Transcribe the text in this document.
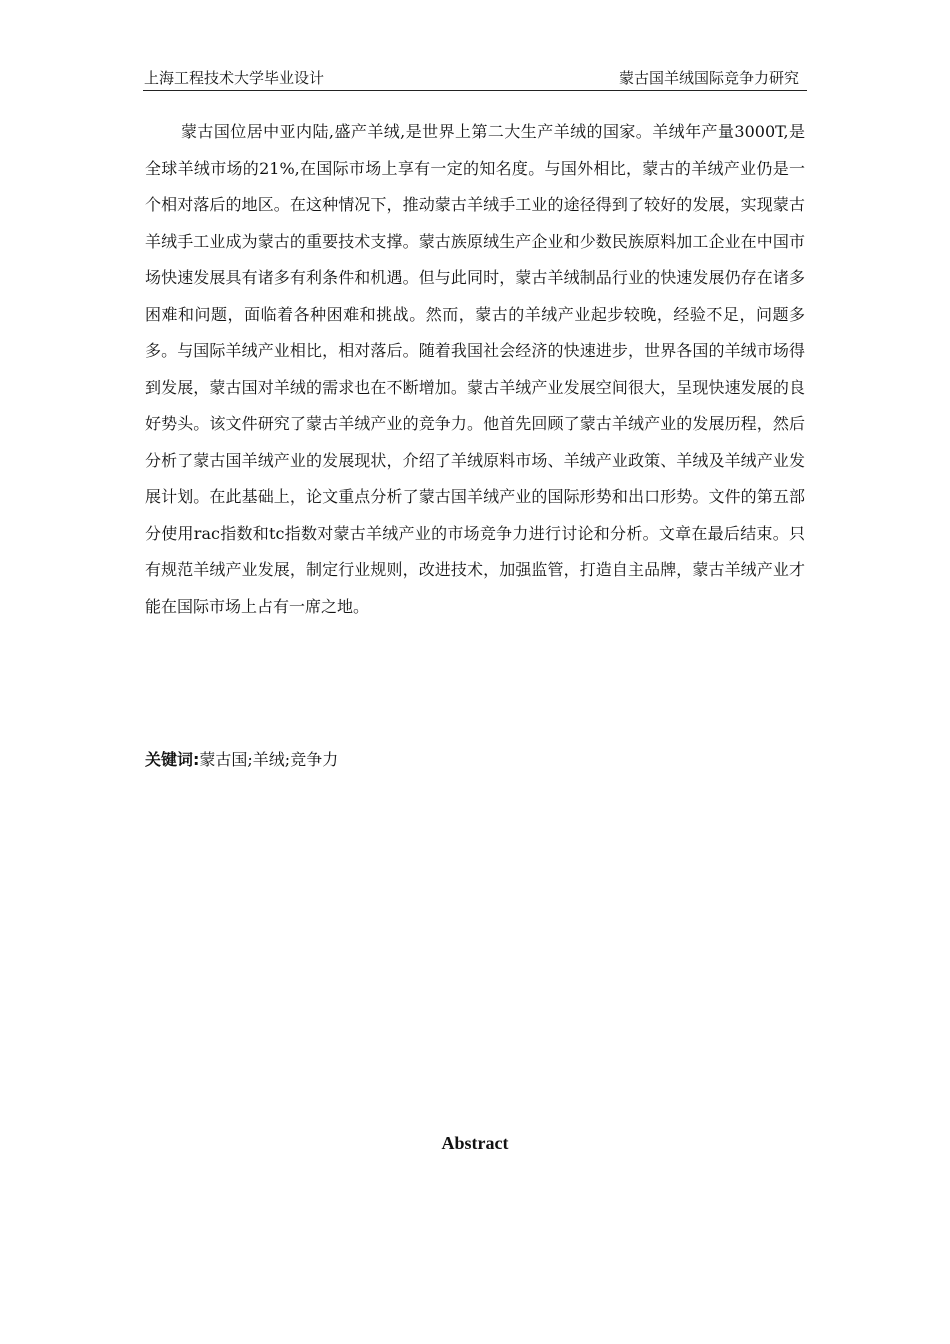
上海工程技术大学毕业设计	蒙古国羊绒国际竞争力研究

蒙古国位居中亚内陆,盛产羊绒,是世界上第二大生产羊绒的国家。羊绒年产量3000T,是全球羊绒市场的21%,在国际市场上享有一定的知名度。与国外相比，蒙古的羊绒产业仍是一个相对落后的地区。在这种情况下，推动蒙古羊绒手工业的途径得到了较好的发展，实现蒙古羊绒手工业成为蒙古的重要技术支撑。蒙古族原绒生产企业和少数民族原料加工企业在中国市场快速发展具有诸多有利条件和机遇。但与此同时，蒙古羊绒制品行业的快速发展仍存在诸多困难和问题，面临着各种困难和挑战。然而，蒙古的羊绒产业起步较晚，经验不足，问题多多。与国际羊绒产业相比，相对落后。随着我国社会经济的快速进步，世界各国的羊绒市场得到发展，蒙古国对羊绒的需求也在不断增加。蒙古羊绒产业发展空间很大，呈现快速发展的良好势头。该文件研究了蒙古羊绒产业的竞争力。他首先回顾了蒙古羊绒产业的发展历程，然后分析了蒙古国羊绒产业的发展现状，介绍了羊绒原料市场、羊绒产业政策、羊绒及羊绒产业发展计划。在此基础上，论文重点分析了蒙古国羊绒产业的国际形势和出口形势。文件的第五部分使用rac指数和tc指数对蒙古羊绒产业的市场竞争力进行讨论和分析。文章在最后结束。只有规范羊绒产业发展，制定行业规则，改进技术，加强监管，打造自主品牌，蒙古羊绒产业才能在国际市场上占有一席之地。

关键词:蒙古国;羊绒;竞争力
Abstract
